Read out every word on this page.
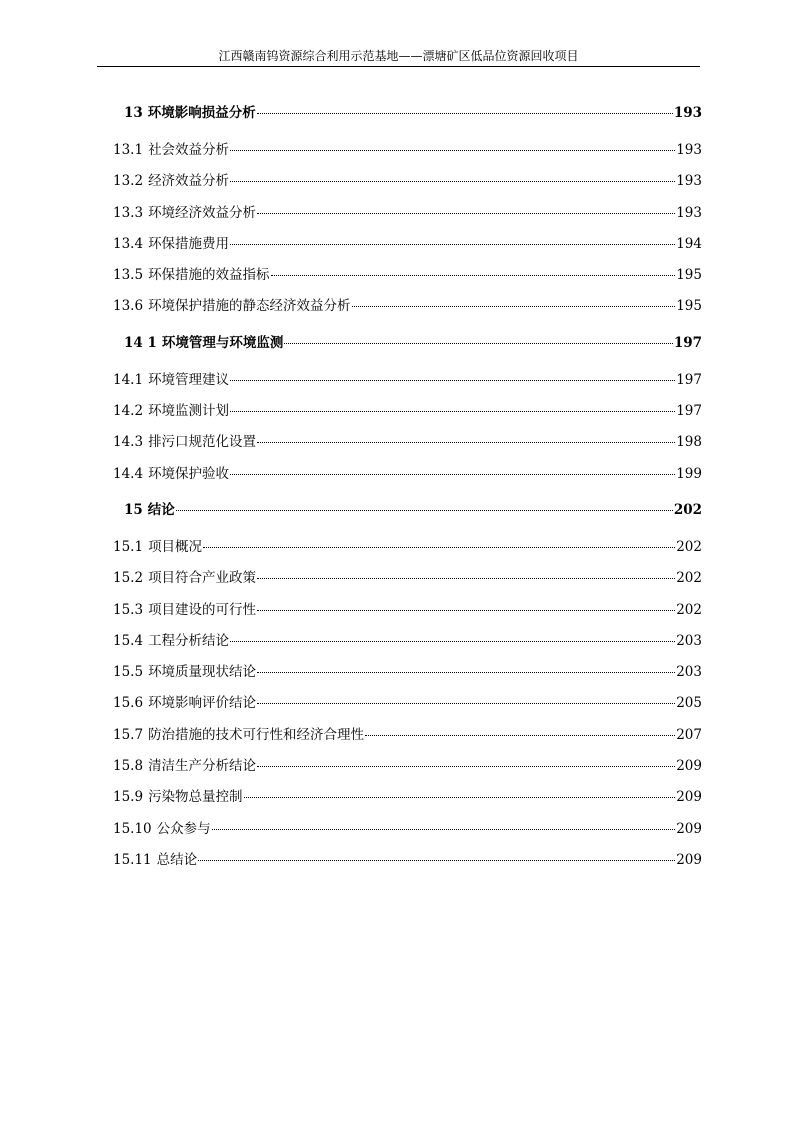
江西赣南钨资源综合利用示范基地——漂塘矿区低品位资源回收项目
13 环境影响损益分析	193
13.1 社会效益分析	193
13.2 经济效益分析	193
13.3 环境经济效益分析	193
13.4 环保措施费用	194
13.5 环保措施的效益指标	195
13.6 环境保护措施的静态经济效益分析	195
14 1 环境管理与环境监测	197
14.1 环境管理建议	197
14.2 环境监测计划	197
14.3 排污口规范化设置	198
14.4 环境保护验收	199
15 结论	202
15.1 项目概况	202
15.2 项目符合产业政策	202
15.3 项目建设的可行性	202
15.4 工程分析结论	203
15.5 环境质量现状结论	203
15.6 环境影响评价结论	205
15.7 防治措施的技术可行性和经济合理性	207
15.8 清洁生产分析结论	209
15.9 污染物总量控制	209
15.10 公众参与	209
15.11 总结论	209
